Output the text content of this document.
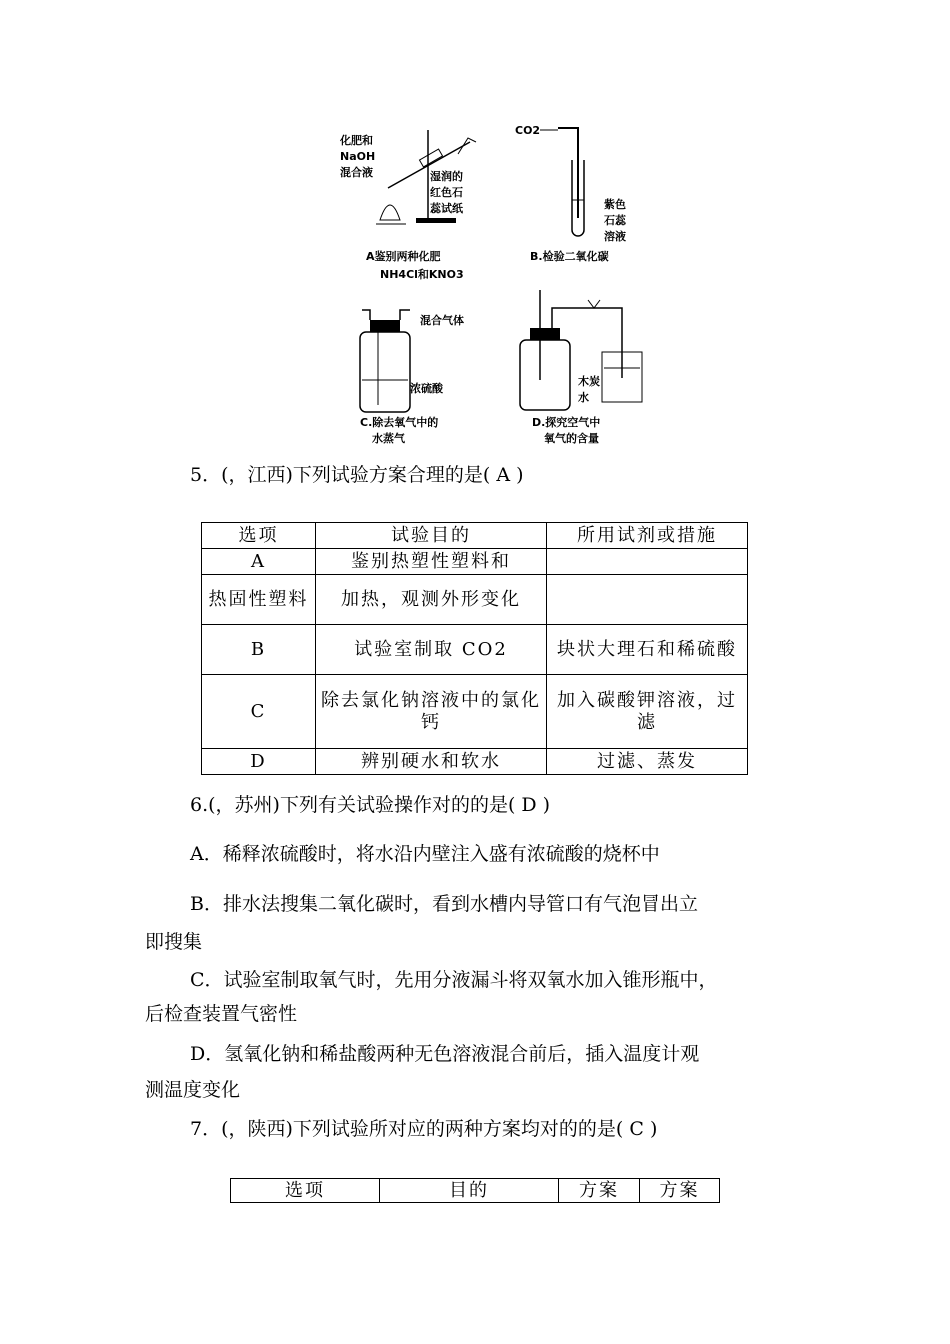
化肥和
NaOH
混合液	湿润的
红色石
蕊试纸
A鉴别两种化肥
NH4Cl和KNO3
CO2
紫色
石蕊
溶液
B.检验二氧化碳
混合气体
浓硫酸
C.除去氧气中的
水蒸气
木炭
水
D.探究空气中
氧气的含量
5．(，江西)下列试验方案合理的是( A )
选项	试验目的	所用试剂或措施
A	鉴别热塑性塑料和	
热固性塑料	加热，观测外形变化	
B	试验室制取 CO2	块状大理石和稀硫酸
C	除去氯化钠溶液中的氯化钙	加入碳酸钾溶液，过滤
D	辨别硬水和软水	过滤、蒸发
6.(，苏州)下列有关试验操作对的的是( D )
A．稀释浓硫酸时，将水沿内壁注入盛有浓硫酸的烧杯中
B．排水法搜集二氧化碳时，看到水槽内导管口有气泡冒出立
即搜集
C．试验室制取氧气时，先用分液漏斗将双氧水加入锥形瓶中，
后检查装置气密性
D．氢氧化钠和稀盐酸两种无色溶液混合前后，插入温度计观
测温度变化
7．(，陕西)下列试验所对应的两种方案均对的的是( C )
选项	目的	方案	方案
